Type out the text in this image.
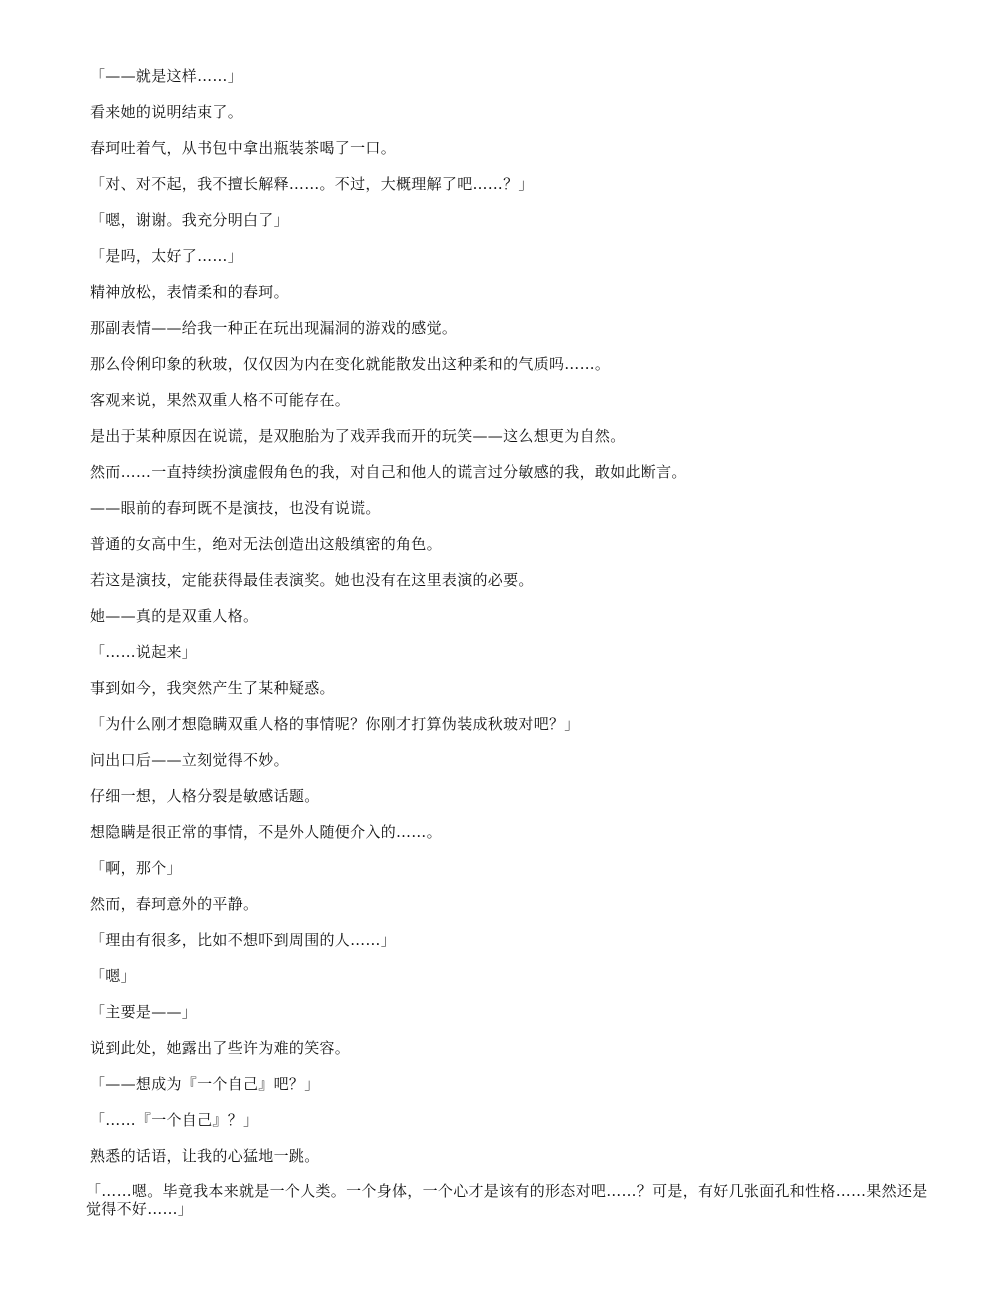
「——就是这样……」

看来她的说明结束了。

春珂吐着气，从书包中拿出瓶装茶喝了一口。

「对、对不起，我不擅长解释……。不过，大概理解了吧……？」

「嗯，谢谢。我充分明白了」

「是吗，太好了……」

精神放松，表情柔和的春珂。

那副表情——给我一种正在玩出现漏洞的游戏的感觉。

那么伶俐印象的秋玻，仅仅因为内在变化就能散发出这种柔和的气质吗……。

客观来说，果然双重人格不可能存在。

是出于某种原因在说谎，是双胞胎为了戏弄我而开的玩笑——这么想更为自然。

然而……一直持续扮演虚假角色的我，对自己和他人的谎言过分敏感的我，敢如此断言。

——眼前的春珂既不是演技，也没有说谎。

普通的女高中生，绝对无法创造出这般缜密的角色。

若这是演技，定能获得最佳表演奖。她也没有在这里表演的必要。

她——真的是双重人格。

「……说起来」

事到如今，我突然产生了某种疑惑。

「为什么刚才想隐瞒双重人格的事情呢？你刚才打算伪装成秋玻对吧？」

问出口后——立刻觉得不妙。

仔细一想，人格分裂是敏感话题。

想隐瞒是很正常的事情，不是外人随便介入的……。

「啊，那个」

然而，春珂意外的平静。

「理由有很多，比如不想吓到周围的人……」

「嗯」

「主要是——」

说到此处，她露出了些许为难的笑容。

「——想成为『一个自己』吧？」

「……『一个自己』？」

熟悉的话语，让我的心猛地一跳。

「……嗯。毕竟我本来就是一个人类。一个身体，一个心才是该有的形态对吧……？可是，有好几张面孔和性格……果然还是觉得不好……」
